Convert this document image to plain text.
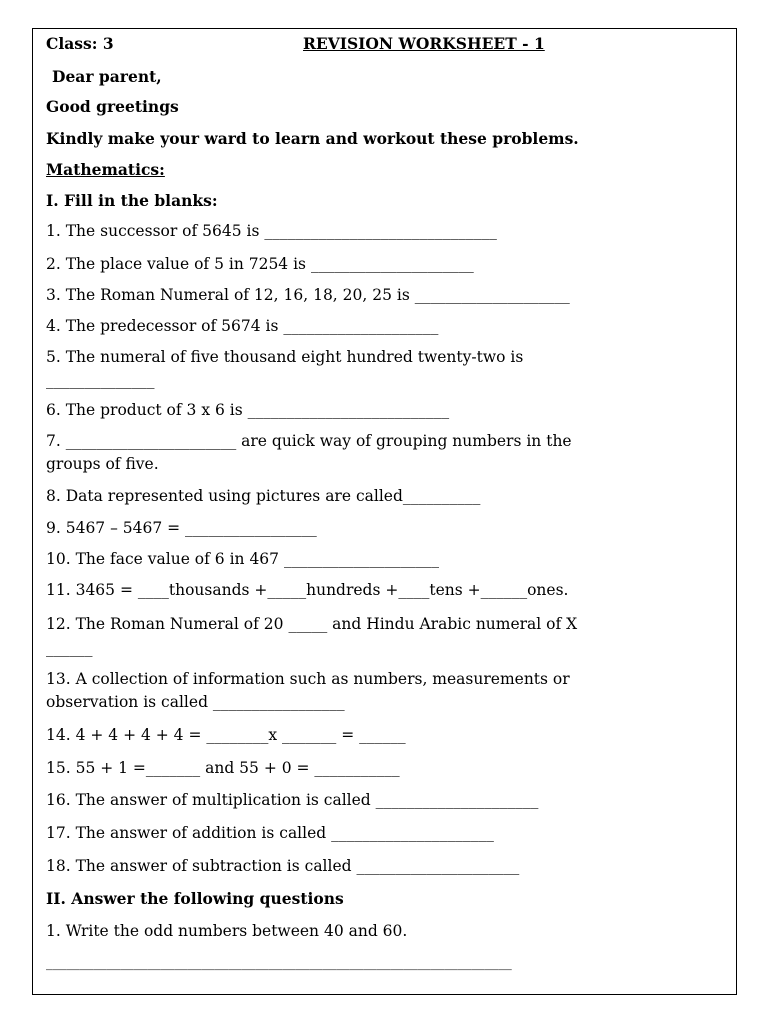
Class: 3	REVISION WORKSHEET - 1
Dear parent,
Good greetings
Kindly make your ward to learn and workout these problems.
Mathematics:
I. Fill in the blanks:
1. The successor of 5645 is ______________________________
2. The place value of 5 in 7254 is _____________________
3. The Roman Numeral of 12, 16, 18, 20, 25 is ____________________
4. The predecessor of 5674 is ____________________
5. The numeral of five thousand eight hundred twenty-two is
______________
6. The product of 3 x 6 is __________________________
7. ______________________ are quick way of grouping numbers in the
groups of five.
8. Data represented using pictures are called__________
9. 5467 – 5467 = _________________
10. The face value of 6 in 467 ____________________
11. 3465 = ____thousands +_____hundreds +____tens +______ones.
12. The Roman Numeral of 20 _____ and Hindu Arabic numeral of X
______
13. A collection of information such as numbers, measurements or
observation is called _________________
14. 4 + 4 + 4 + 4 = ________x _______ = ______
15. 55 + 1 =_______ and 55 + 0 = ___________
16. The answer of multiplication is called _____________________
17. The answer of addition is called _____________________
18. The answer of subtraction is called _____________________
II. Answer the following questions
1. Write the odd numbers between 40 and 60.
_____________________________________________________________________
